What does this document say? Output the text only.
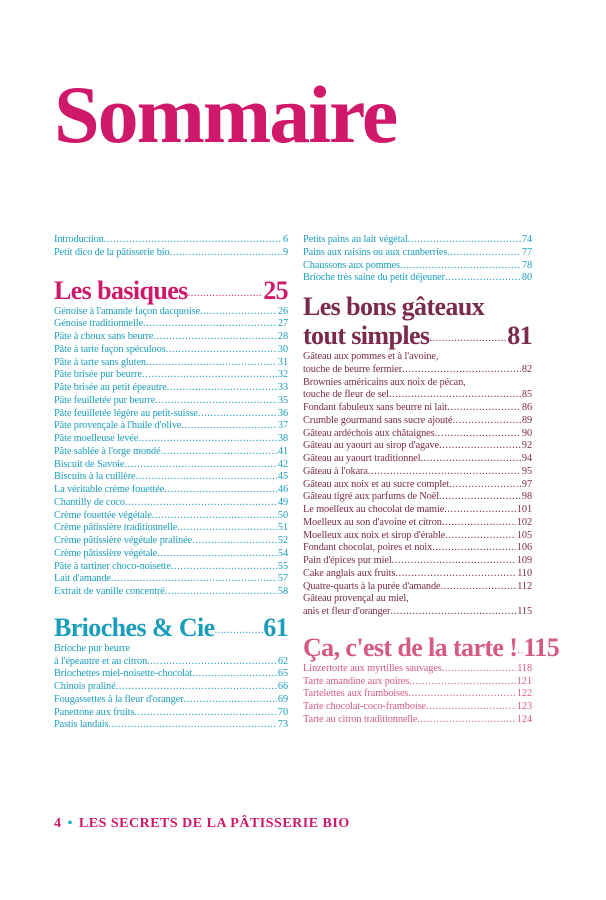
Sommaire
Introduction .....	6
Petit dico de la pâtisserie bio .....	9
Les basiques .....	25
Génoise à l'amande façon dacquoise .....	26
Génoise traditionnelle .....	27
Pâte à choux sans beurre .....	28
Pâte à tarte façon spéculoos .....	30
Pâte à tarte sans gluten .....	31
Pâte brisée pur beurre .....	32
Pâte brisée au petit épeautre .....	33
Pâte feuilletée pur beurre .....	35
Pâte feuilletée légère au petit-suisse .....	36
Pâte provençale à l'huile d'olive .....	37
Pâte moelleuse levée .....	38
Pâte sablée à l'orge mondé .....	41
Biscuit de Savoie .....	42
Biscuits à la cuillère .....	45
La véritable crème fouettée .....	46
Chantilly de coco .....	49
Crème fouettée végétale .....	50
Crème pâtissière traditionnelle .....	51
Crème pâtissière végétale pralinée .....	52
Crème pâtissière végétale .....	54
Pâte à tartiner choco-noisette .....	55
Lait d'amande .....	57
Extrait de vanille concentré .....	58
Brioches & Cie ..... 61
Brioche pur beurre
à l'épeautre et au citron .....	62
Briochettes miel-noisette-chocolat .....	65
Chinois praliné .....	66
Fougassettes à la fleur d'oranger .....	69
Panettone aux fruits .....	70
Pastis landais .....	73
Petits pains au lait végétal .....	74
Pains aux raisins ou aux cranberries .....	77
Chaussons aux pommes .....	78
Brioche très saine du petit déjeuner .....	80
Les bons gâteaux
tout simples .....	81
Gâteau aux pommes et à l'avoine,
touche de beurre fermier .....	82
Brownies américains aux noix de pécan,
touche de fleur de sel .....	85
Fondant fabuleux sans beurre ni lait .....	86
Crumble gourmand sans sucre ajouté .....	89
Gâteau ardéchois aux châtaignes .....	90
Gâteau au yaourt au sirop d'agave .....	92
Gâteau au yaourt traditionnel .....	94
Gâteau à l'okara .....	95
Gâteau aux noix et au sucre complet .....	97
Gâteau tigré aux parfums de Noël .....	98
Le moelleux au chocolat de mamie .....	101
Moelleux au son d'avoine et citron .....	102
Moelleux aux noix et sirop d'érable .....	105
Fondant chocolat, poires et noix .....	106
Pain d'épices pur miel .....	109
Cake anglais aux fruits .....	110
Quatre-quarts à la purée d'amande .....	112
Gâteau provençal au miel,
anis et fleur d'oranger .....	115
Ça, c'est de la tarte ! ..... 115
Linzertorte aux myrtilles sauvages .....	118
Tarte amandine aux poires .....	121
Tartelettes aux framboises .....	122
Tarte chocolat-coco-framboise .....	123
Tarte au citron traditionnelle .....	124

4 • LES SECRETS DE LA PÂTISSERIE BIO
